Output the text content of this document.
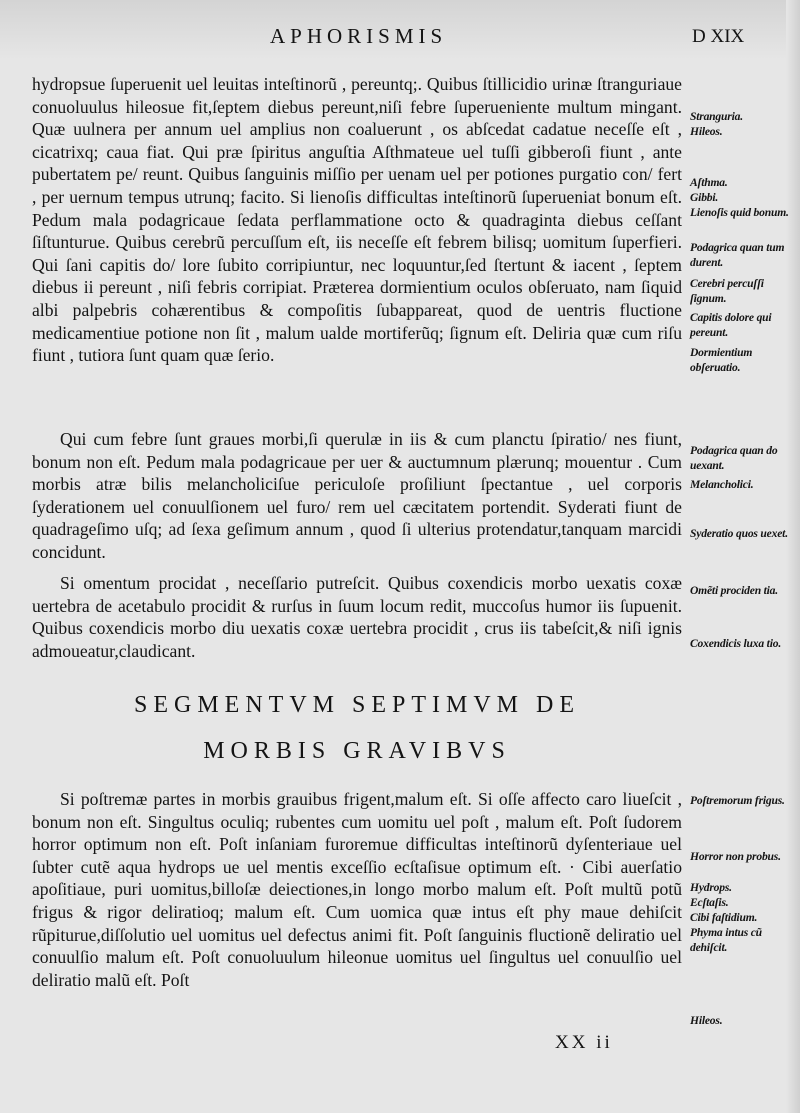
APHORISMIS	D XIX

hydropsue ſuperuenit uel leuitas inteſtinorũ , pereuntq;. Quibus ſtillicidio urinæ ſtranguriaue conuoluulus hileosue fit,ſeptem diebus pereunt,niſi febre ſuperueniente multum mingant. Quæ uulnera per annum uel amplius non coaluerunt , os abſcedat cadatue neceſſe eſt , cicatrixq; caua fiat. Qui præ ſpiritus anguſtia Aſthmateue uel tuſſi gibberoſi fiunt , ante pubertatem pe/ reunt. Quibus ſanguinis miſſio per uenam uel per potiones purgatio con/ fert , per uernum tempus utrunq; facito. Si lienoſis difficultas inteſtinorũ ſuperueniat bonum eſt. Pedum mala podagricaue ſedata perflammatione octo & quadraginta diebus ceſſant ſiſtunturue. Quibus cerebrũ percuſſum eſt, iis neceſſe eſt febrem bilisq; uomitum ſuperfieri. Qui ſani capitis do/ lore ſubito corripiuntur, nec loquuntur,ſed ſtertunt & iacent , ſeptem diebus ii pereunt , niſi febris corripiat. Præterea dormientium oculos obſeruato, nam ſiquid albi palpebris cohærentibus & compoſitis ſubappareat, quod de uentris fluctione medicamentiue potione non ſit , malum ualde mortiferũq; ſignum eſt. Deliria quæ cum riſu fiunt , tutiora ſunt quam quæ ſerio.

Qui cum febre ſunt graues morbi,ſi querulæ in iis & cum planctu ſpiratio/ nes fiunt, bonum non eſt. Pedum mala podagricaue per uer & auctumnum plærunq; mouentur . Cum morbis atræ bilis melancholiciſue periculoſe proſiliunt ſpectantue , uel corporis ſyderationem uel conuulſionem uel furo/ rem uel cæcitatem portendit. Syderati fiunt de quadrageſimo uſq; ad ſexa geſimum annum , quod ſi ulterius protendatur,tanquam marcidi concidunt.

Si omentum procidat , neceſſario putreſcit. Quibus coxendicis morbo uexatis coxæ uertebra de acetabulo procidit & rurſus in ſuum locum redit, muccoſus humor iis ſupuenit. Quibus coxendicis morbo diu uexatis coxæ uertebra procidit , crus iis tabeſcit,& niſi ignis admoueatur,claudicant.

SEGMENTVM SEPTIMVM DE
MORBIS GRAVIBVS

Si poſtremæ partes in morbis grauibus frigent,malum eſt. Si oſſe affecto caro liueſcit , bonum non eſt. Singultus oculiq; rubentes cum uomitu uel poſt , malum eſt. Poſt ſudorem horror optimum non eſt. Poſt inſaniam furoremue difficultas inteſtinorũ dyſenteriaue uel ſubter cutẽ aqua hydrops ue uel mentis exceſſio ecſtaſisue optimum eſt. · Cibi auerſatio apoſitiaue, puri uomitus,billoſæ deiectiones,in longo morbo malum eſt. Poſt multũ potũ frigus & rigor deliratioq; malum eſt. Cum uomica quæ intus eſt phy maue dehiſcit rũpiturue,diſſolutio uel uomitus uel defectus animi fit. Poſt ſanguinis fluctionẽ deliratio uel conuulſio malum eſt. Poſt conuoluulum hileonue uomitus uel ſingultus uel conuulſio uel deliratio malũ eſt. Poſt

Stranguria.
Hileos.
Aſthma.
Gibbi.
Lienoſis quid bonum.
Podagrica quan tum durent.
Cerebri percuſſi ſignum.
Capitis dolore qui pereunt.
Dormientium obſeruatio.
Podagrica quan do uexant.
Melancholici.
Syderatio quos uexet.
Omẽti prociden tia.
Coxendicis luxa tio.
Poſtremorum frigus.
Horror non probus.
Hydrops.
Ecſtaſis.
Cibi faſtidium.
Phyma intus cũ dehiſcit.
Hileos.
XX ii
